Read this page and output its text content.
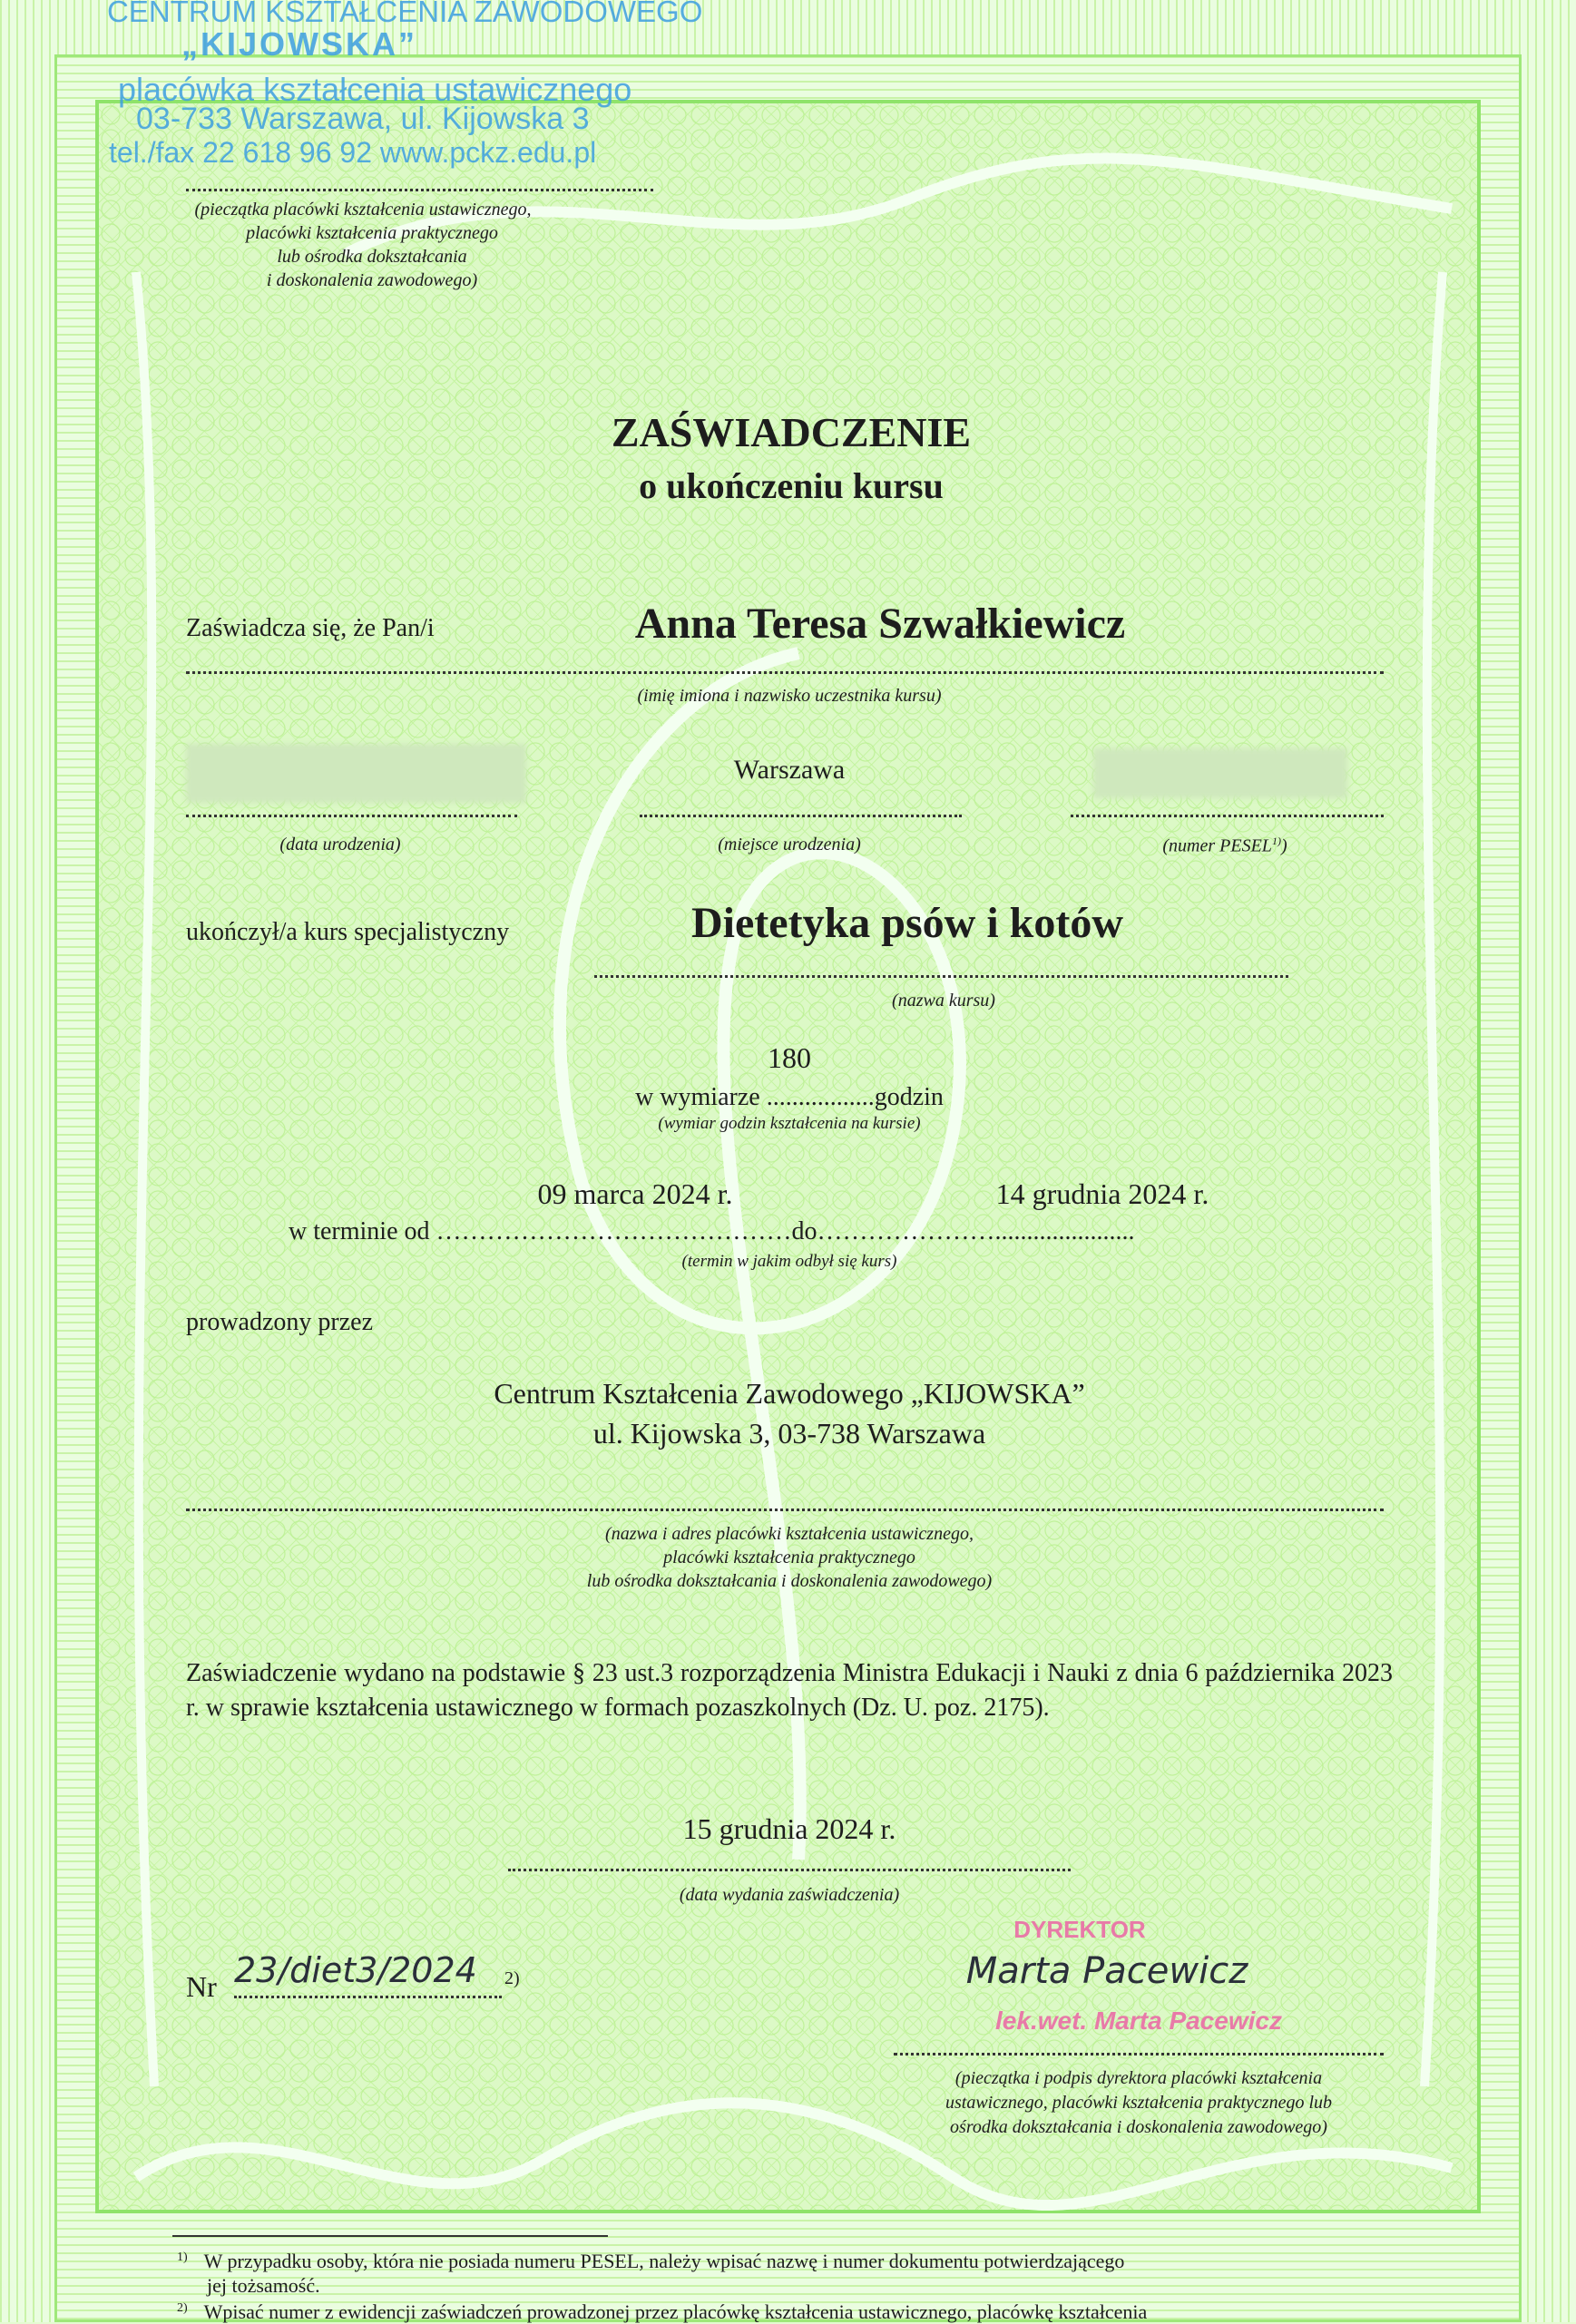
CENTRUM KSZTAŁCENIA ZAWODOWEGO
„KIJOWSKA”
placówka kształcenia ustawicznego
03-733 Warszawa, ul. Kijowska 3
tel./fax 22 618 96 92 www.pckz.edu.pl
(pieczątka placówki kształcenia ustawicznego,
placówki kształcenia praktycznego
lub ośrodka dokształcania
i doskonalenia zawodowego)
ZAŚWIADCZENIE
o ukończeniu kursu
Zaświadcza się, że Pan/i	Anna Teresa Szwałkiewicz
(imię imiona i nazwisko uczestnika kursu)
Warszawa
(data urodzenia)	(miejsce urodzenia)	(numer PESEL$^{1)}$)
ukończył/a kurs specjalistyczny	Dietetyka psów i kotów
(nazwa kursu)
180
w wymiarze .................godzin
(wymiar godzin kształcenia na kursie)
09 marca 2024 r.	14 grudnia 2024 r.
w terminie od ……………………………………do…………………......................
(termin w jakim odbył się kurs)
prowadzony przez
Centrum Kształcenia Zawodowego „KIJOWSKA”
ul. Kijowska 3, 03-738 Warszawa
(nazwa i adres placówki kształcenia ustawicznego,
placówki kształcenia praktycznego
lub ośrodka dokształcania i doskonalenia zawodowego)
Zaświadczenie wydano na podstawie § 23 ust.3 rozporządzenia Ministra Edukacji i Nauki z dnia 6 października 2023 r. w sprawie kształcenia ustawicznego w formach pozaszkolnych (Dz. U. poz. 2175).
15 grudnia 2024 r.
(data wydania zaświadczenia)
Nr 23/diet3/2024 2)
DYREKTOR
Marta Pacewicz
lek.wet. Marta Pacewicz
(pieczątka i podpis dyrektora placówki kształcenia
ustawicznego, placówki kształcenia praktycznego lub
ośrodka dokształcania i doskonalenia zawodowego)
$^{1)}$ W przypadku osoby, która nie posiada numeru PESEL, należy wpisać nazwę i numer dokumentu potwierdzającego
jej tożsamość.
$^{2)}$ Wpisać numer z ewidencji zaświadczeń prowadzonej przez placówkę kształcenia ustawicznego, placówkę kształcenia
